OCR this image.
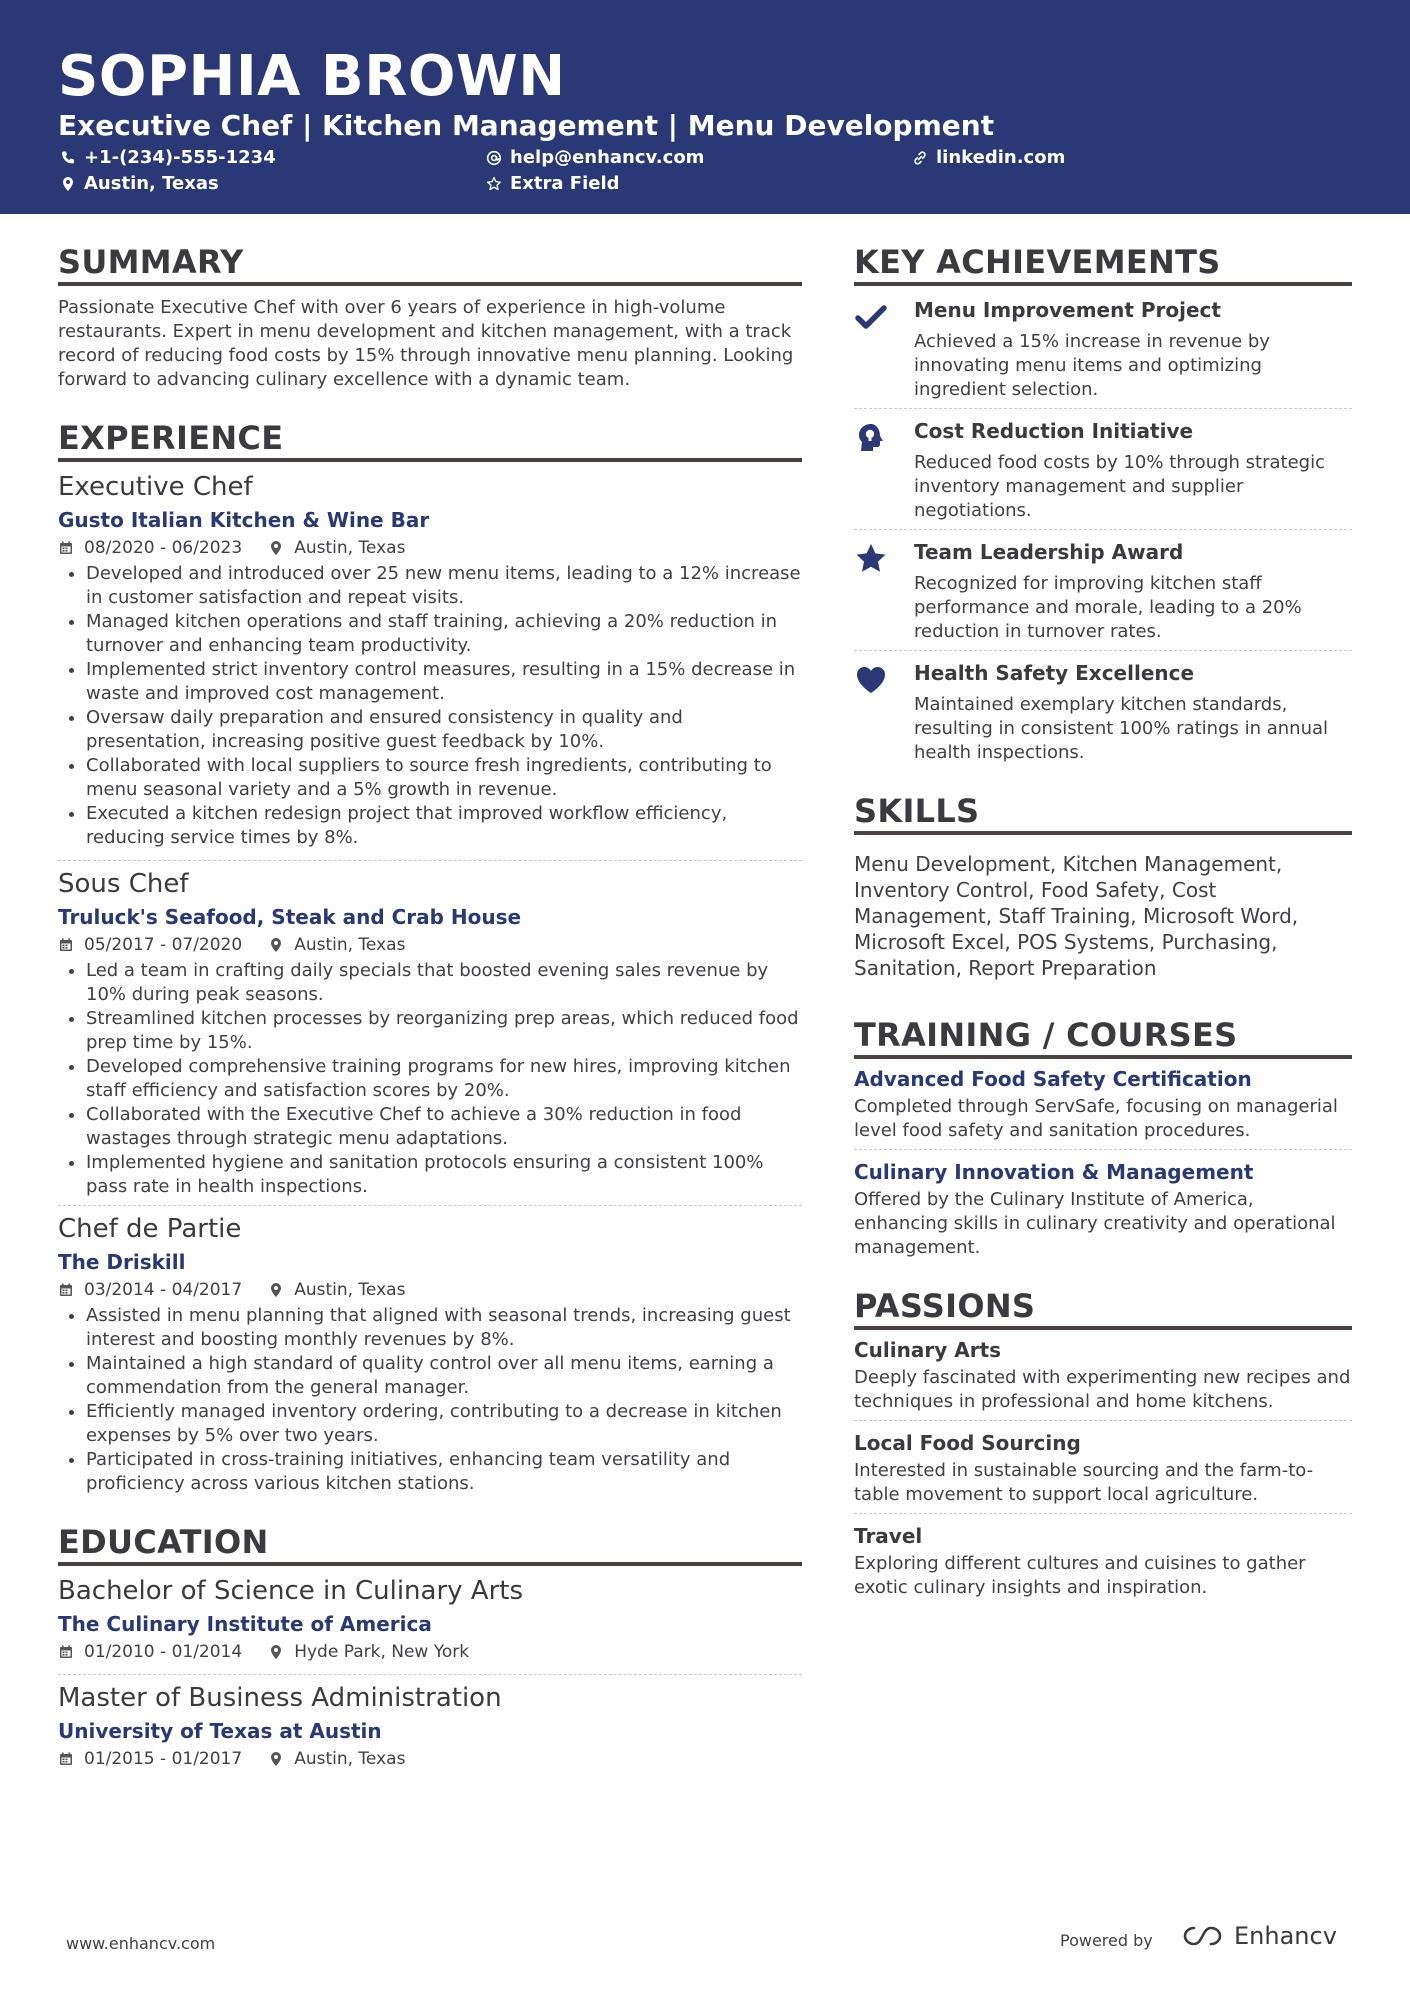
SOPHIA BROWN
Executive Chef | Kitchen Management | Menu Development
+1-(234)-555-1234	help@enhancv.com	linkedin.com
Austin, Texas	Extra Field
SUMMARY

Passionate Executive Chef with over 6 years of experience in high-volume restaurants. Expert in menu development and kitchen management, with a track record of reducing food costs by 15% through innovative menu planning. Looking forward to advancing culinary excellence with a dynamic team.

EXPERIENCE

Executive Chef

Gusto Italian Kitchen & Wine Bar

08/2020 - 06/2023	Austin, Texas
• Developed and introduced over 25 new menu items, leading to a 12% increase in customer satisfaction and repeat visits.
• Managed kitchen operations and staff training, achieving a 20% reduction in turnover and enhancing team productivity.
• Implemented strict inventory control measures, resulting in a 15% decrease in waste and improved cost management.
• Oversaw daily preparation and ensured consistency in quality and presentation, increasing positive guest feedback by 10%.
• Collaborated with local suppliers to source fresh ingredients, contributing to menu seasonal variety and a 5% growth in revenue.
• Executed a kitchen redesign project that improved workflow efficiency, reducing service times by 8%.

Sous Chef

Truluck's Seafood, Steak and Crab House

05/2017 - 07/2020	Austin, Texas
• Led a team in crafting daily specials that boosted evening sales revenue by 10% during peak seasons.
• Streamlined kitchen processes by reorganizing prep areas, which reduced food prep time by 15%.
• Developed comprehensive training programs for new hires, improving kitchen staff efficiency and satisfaction scores by 20%.
• Collaborated with the Executive Chef to achieve a 30% reduction in food wastages through strategic menu adaptations.
• Implemented hygiene and sanitation protocols ensuring a consistent 100% pass rate in health inspections.

Chef de Partie

The Driskill

03/2014 - 04/2017	Austin, Texas
• Assisted in menu planning that aligned with seasonal trends, increasing guest interest and boosting monthly revenues by 8%.
• Maintained a high standard of quality control over all menu items, earning a commendation from the general manager.
• Efficiently managed inventory ordering, contributing to a decrease in kitchen expenses by 5% over two years.
• Participated in cross-training initiatives, enhancing team versatility and proficiency across various kitchen stations.
EDUCATION

Bachelor of Science in Culinary Arts

The Culinary Institute of America

01/2010 - 01/2014	Hyde Park, New York

Master of Business Administration

University of Texas at Austin

01/2015 - 01/2017	Austin, Texas
KEY ACHIEVEMENTS

Menu Improvement Project

Achieved a 15% increase in revenue by innovating menu items and optimizing ingredient selection.

Cost Reduction Initiative

Reduced food costs by 10% through strategic inventory management and supplier negotiations.

Team Leadership Award

Recognized for improving kitchen staff performance and morale, leading to a 20% reduction in turnover rates.

Health Safety Excellence

Maintained exemplary kitchen standards, resulting in consistent 100% ratings in annual health inspections.

SKILLS

Menu Development, Kitchen Management, Inventory Control, Food Safety, Cost Management, Staff Training, Microsoft Word, Microsoft Excel, POS Systems, Purchasing, Sanitation, Report Preparation

TRAINING / COURSES

Advanced Food Safety Certification

Completed through ServSafe, focusing on managerial level food safety and sanitation procedures.

Culinary Innovation & Management

Offered by the Culinary Institute of America, enhancing skills in culinary creativity and operational management.

PASSIONS

Culinary Arts

Deeply fascinated with experimenting new recipes and techniques in professional and home kitchens.

Local Food Sourcing

Interested in sustainable sourcing and the farm-to-table movement to support local agriculture.

Travel

Exploring different cultures and cuisines to gather exotic culinary insights and inspiration.

www.enhancv.com	Powered by	Enhancv
